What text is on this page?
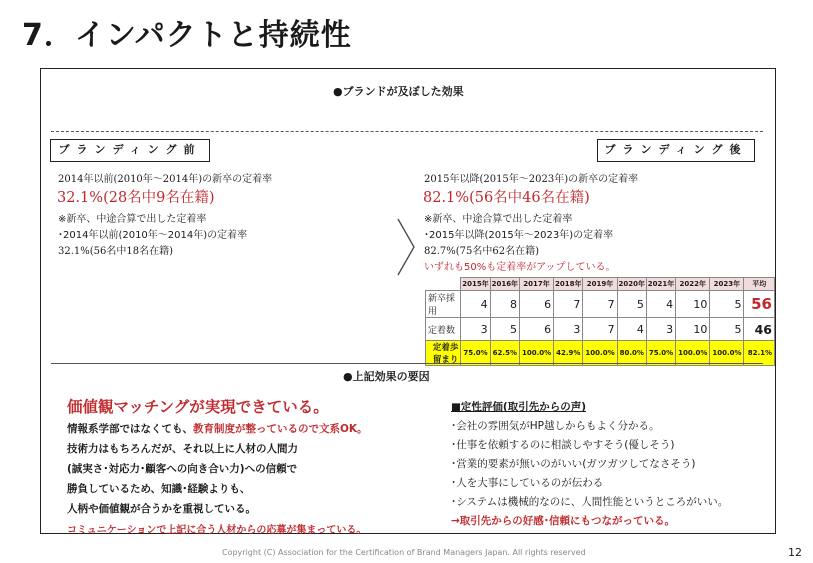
7．インパクトと持続性
●ブランドが及ぼした効果
ブランディング前
2014年以前(2010年～2014年)の新卒の定着率
32.1%(28名中9名在籍)
※新卒、中途合算で出した定着率
･2014年以前(2010年～2014年)の定着率
32.1%(56名中18名在籍)
ブランディング後
2015年以降(2015年～2023年)の新卒の定着率
82.1%(56名中46名在籍)
※新卒、中途合算で出した定着率
･2015年以降(2015年～2023年)の定着率
82.7%(75名中62名在籍)
いずれも50%も定着率がアップしている。
	2015年	2016年	2017年	2018年	2019年	2020年	2021年	2022年	2023年	平均
新卒採用	4	8	6	7	7	5	4	10	5	56
定着数	3	5	6	3	7	4	3	10	5	46
定着歩留まり	75.0%	62.5%	100.0%	42.9%	100.0%	80.0%	75.0%	100.0%	100.0%	82.1%
●上記効果の要因
価値観マッチングが実現できている。
情報系学部ではなくても、教育制度が整っているので文系OK。
技術力はもちろんだが、それ以上に人材の人間力
(誠実さ･対応力･顧客への向き合い力)への信頼で
勝負しているため、知識･経験よりも、
人柄や価値観が合うかを重視している。
コミュニケーションで上記に合う人材からの応募が集まっている。
■定性評価(取引先からの声)
･会社の雰囲気がHP越しからもよく分かる。
･仕事を依頼するのに相談しやすそう(優しそう)
･営業的要素が無いのがいい(ガツガツしてなさそう)
･人を大事にしているのが伝わる
･システムは機械的なのに、人間性能というところがいい。
→取引先からの好感･信頼にもつながっている。
Copyright (C) Association for the Certification of Brand Managers Japan. All rights reserved	12
